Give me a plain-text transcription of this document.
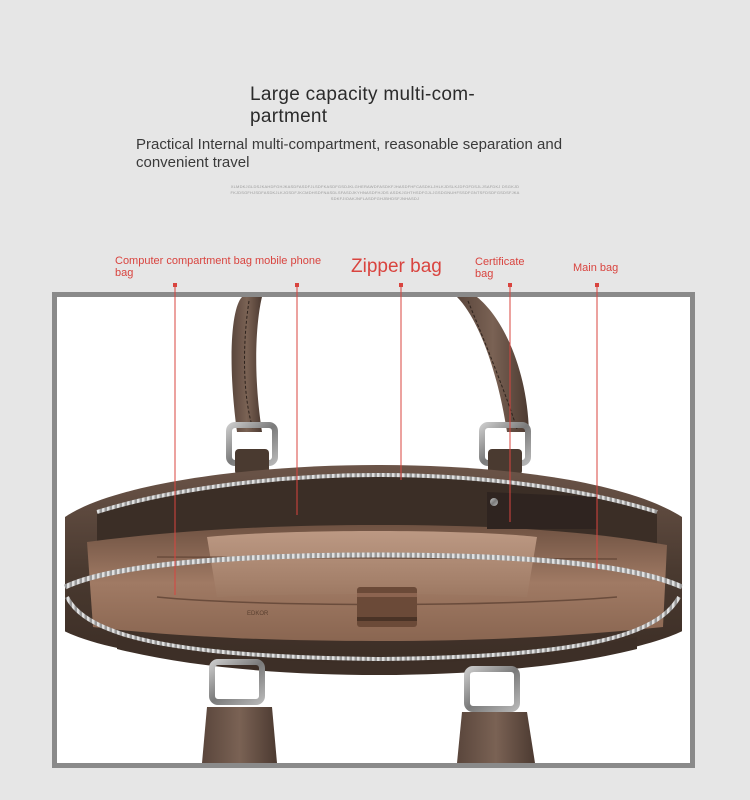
Large capacity multi-com-
partment

Practical Internal multi-compartment, reasonable separation and convenient travel

XLMDKJGLDSJKAHDFGHJKASDFASDFJLSDFKASDFGSDJKLGHERAWDFASDKFJHASDFHFCASDKLJHLKJDSLKJDFGFDSJLJSAFDKJ DSGKJDFKJDSGFHJSDFASDKJLKJGSDFJKCMDHSDFNASDLSFASDJKYHNASDFHJDS ASDKJGHTHSDFGJLJGSDGNUHFSSDFGNTSFDSDFGSDSFJKASDKFJIOAKJNFLASDFGHJBHDSFJNHASDJ

Computer compartment bag mobile phone bag	Zipper bag	Certificate bag	Main bag

EDKOR
